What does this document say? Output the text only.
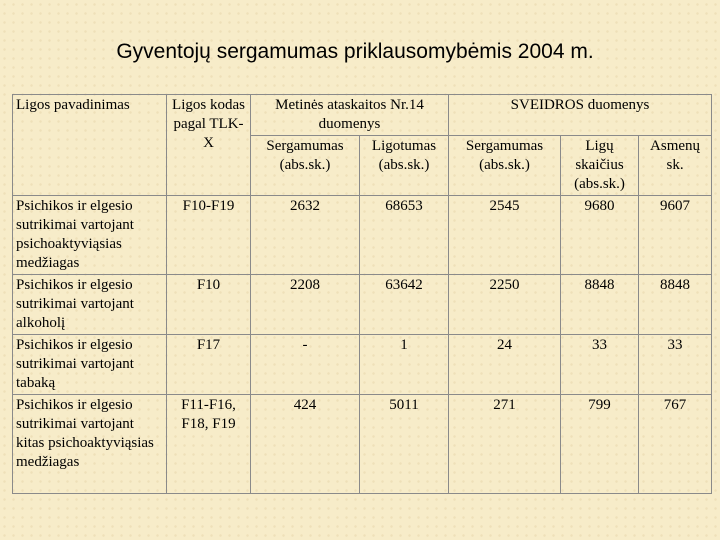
Gyventojų sergamumas priklausomybėmis 2004 m.
Ligos pavadinimas	Ligos kodas pagal TLK-X	Metinės ataskaitos Nr.14 duomenys		SVEIDROS duomenys		
		Sergamumas (abs.sk.)	Ligotumas (abs.sk.)	Sergamumas (abs.sk.)	Ligų skaičius (abs.sk.)	Asmenų sk.
Psichikos ir elgesio sutrikimai vartojant psichoaktyviąsias medžiagas	F10-F19	2632	68653	2545	9680	9607
Psichikos ir elgesio sutrikimai vartojant alkoholį	F10	2208	63642	2250	8848	8848
Psichikos ir elgesio sutrikimai vartojant tabaką	F17	-	1	24	33	33
Psichikos ir elgesio sutrikimai vartojant kitas psichoaktyviąsias medžiagas	F11-F16, F18, F19	424	5011	271	799	767
